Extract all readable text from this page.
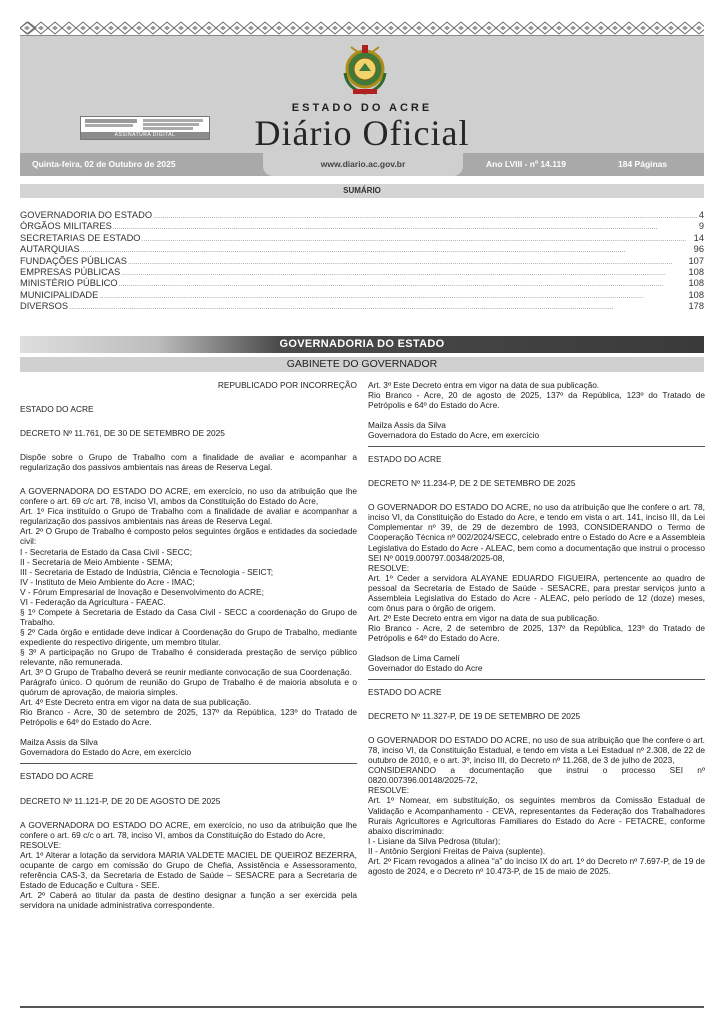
ESTADO DO ACRE
Diário Oficial
ASSINATURA DIGITAL
Quinta-feira, 02 de Outubro de 2025	www.diario.ac.gov.br	Ano LVIII - nº 14.119	184 Páginas
SUMÁRIO
GOVERNADORIA DO ESTADO .....	4
ÓRGÃOS MILITARES .....	9
SECRETARIAS DE ESTADO .....	14
AUTARQUIAS .....	96
FUNDAÇÕES PÚBLICAS .....	107
EMPRESAS PÚBLICAS .....	108
MINISTÉRIO PÚBLICO .....	108
MUNICIPALIDADE .....	108
DIVERSOS .....	178
GOVERNADORIA DO ESTADO
GABINETE DO GOVERNADOR

REPUBLICADO POR INCORREÇÃO

ESTADO DO ACRE

DECRETO Nº 11.761, DE 30 DE SETEMBRO DE 2025

Dispõe sobre o Grupo de Trabalho com a finalidade de avaliar e acompanhar a regularização dos passivos ambientais nas áreas de Reserva Legal.

A GOVERNADORA DO ESTADO DO ACRE, em exercício, no uso da atribuição que lhe confere o art. 69 c/c art. 78, inciso VI, ambos da Constituição do Estado do Acre,

Art. 1º Fica instituído o Grupo de Trabalho com a finalidade de avaliar e acompanhar a regularização dos passivos ambientais nas áreas de Reserva Legal.

Art. 2º O Grupo de Trabalho é composto pelos seguintes órgãos e entidades da sociedade civil:

I - Secretaria de Estado da Casa Civil - SECC;

II - Secretaria de Meio Ambiente - SEMA;

III - Secretaria de Estado de Indústria, Ciência e Tecnologia - SEICT;

IV - Instituto de Meio Ambiente do Acre - IMAC;

V - Fórum Empresarial de Inovação e Desenvolvimento do ACRE;

VI - Federação da Agricultura - FAEAC.

§ 1º Compete à Secretaria de Estado da Casa Civil - SECC a coordenação do Grupo de Trabalho.

§ 2º Cada órgão e entidade deve indicar à Coordenação do Grupo de Trabalho, mediante expediente do respectivo dirigente, um membro titular.

§ 3º A participação no Grupo de Trabalho é considerada prestação de serviço público relevante, não remunerada.

Art. 3º O Grupo de Trabalho deverá se reunir mediante convocação de sua Coordenação.

Parágrafo único. O quórum de reunião do Grupo de Trabalho é de maioria absoluta e o quórum de aprovação, de maioria simples.

Art. 4º Este Decreto entra em vigor na data de sua publicação.

Rio Branco - Acre, 30 de setembro de 2025, 137º da República, 123º do Tratado de Petrópolis e 64º do Estado do Acre.

Mailza Assis da Silva

Governadora do Estado do Acre, em exercício

ESTADO DO ACRE

DECRETO Nº 11.121-P, DE 20 DE AGOSTO DE 2025

A GOVERNADORA DO ESTADO DO ACRE, em exercício, no uso da atribuição que lhe confere o art. 69 c/c o art. 78, inciso VI, ambos da Constituição do Estado do Acre,

RESOLVE:

Art. 1º Alterar a lotação da servidora MARIA VALDETE MACIEL DE QUEIROZ BEZERRA, ocupante de cargo em comissão do Grupo de Chefia, Assistência e Assessoramento, referência CAS-3, da Secretaria de Estado de Saúde – SESACRE para a Secretaria de Estado de Educação e Cultura - SEE.

Art. 2º Caberá ao titular da pasta de destino designar a função a ser exercida pela servidora na unidade administrativa correspondente.

Art. 3º Este Decreto entra em vigor na data de sua publicação.

Rio Branco - Acre, 20 de agosto de 2025, 137º da República, 123º do Tratado de Petrópolis e 64º do Estado do Acre.

Mailza Assis da Silva

Governadora do Estado do Acre, em exercício

ESTADO DO ACRE

DECRETO Nº 11.234-P, DE 2 DE SETEMBRO DE 2025

O GOVERNADOR DO ESTADO DO ACRE, no uso da atribuição que lhe confere o art. 78, inciso VI, da Constituição do Estado do Acre, e tendo em vista o art. 141, inciso III, da Lei Complementar nº 39, de 29 de dezembro de 1993, CONSIDERANDO o Termo de Cooperação Técnica nº 002/2024/SECC, celebrado entre o Estado do Acre e a Assembleia Legislativa do Estado do Acre - ALEAC, bem como a documentação que instrui o processo SEI Nº 0019.000797.00348/2025-08,

RESOLVE:

Art. 1º Ceder a servidora ALAYANE EDUARDO FIGUEIRA, pertencente ao quadro de pessoal da Secretaria de Estado de Saúde - SESACRE, para prestar serviços junto a Assembleia Legislativa do Estado do Acre - ALEAC, pelo período de 12 (doze) meses, com ônus para o órgão de origem.

Art. 2º Este Decreto entra em vigor na data de sua publicação.

Rio Branco - Acre, 2 de setembro de 2025, 137º da República, 123º do Tratado de Petrópolis e 64º do Estado do Acre.

Gladson de Lima Camelí

Governador do Estado do Acre

ESTADO DO ACRE

DECRETO Nº 11.327-P, DE 19 DE SETEMBRO DE 2025

O GOVERNADOR DO ESTADO DO ACRE, no uso de sua atribuição que lhe confere o art. 78, inciso VI, da Constituição Estadual, e tendo em vista a Lei Estadual nº 2.308, de 22 de outubro de 2010, e o art. 3º, inciso III, do Decreto nº 11.268, de 3 de julho de 2023,

CONSIDERANDO a documentação que instrui o processo SEI nº 0820.007396.00148/2025-72,

RESOLVE:

Art. 1º Nomear, em substituição, os seguintes membros da Comissão Estadual de Validação e Acompanhamento - CEVA, representantes da Federação dos Trabalhadores Rurais Agricultores e Agricultoras Familiares do Estado do Acre - FETACRE, conforme abaixo discriminado:

I - Lisiane da Silva Pedrosa (titular);

II - Antônio Sergioni Freitas de Paiva (suplente).

Art. 2º Ficam revogados a alínea “a” do inciso IX do art. 1º do Decreto nº 7.697-P, de 19 de agosto de 2024, e o Decreto nº 10.473-P, de 15 de maio de 2025.
